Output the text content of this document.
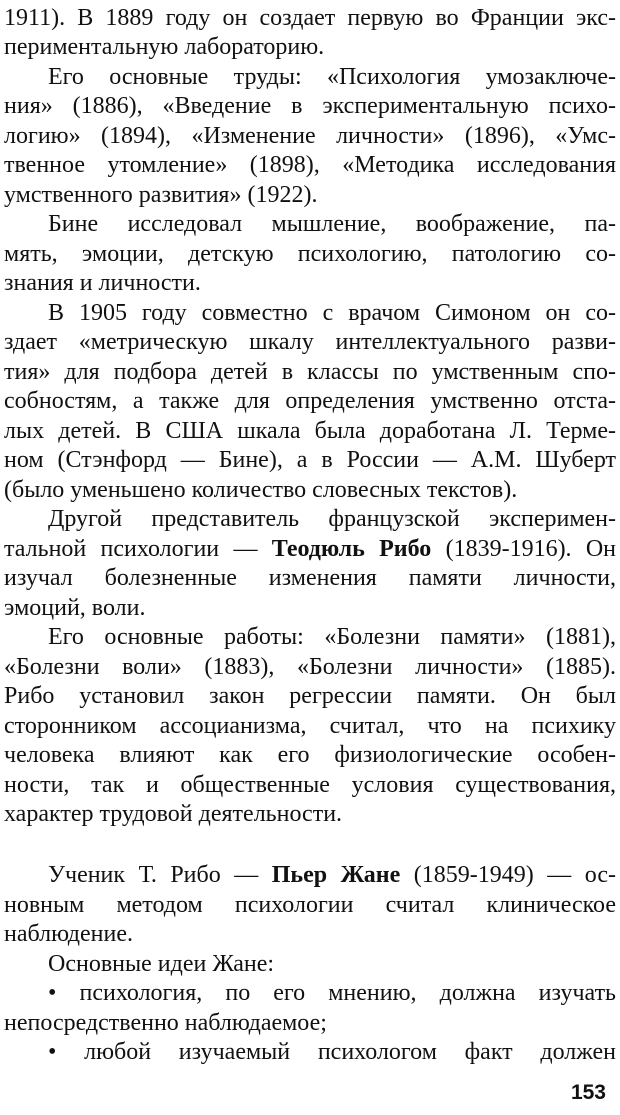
1911). В 1889 году он создает первую во Франции экс-
периментальную лабораторию.
Его основные труды: «Психология умозаключе-
ния» (1886), «Введение в экспериментальную психо-
логию» (1894), «Изменение личности» (1896), «Умс-
твенное утомление» (1898), «Методика исследования
умственного развития» (1922).
Бине исследовал мышление, воображение, па-
мять, эмоции, детскую психологию, патологию со-
знания и личности.
В 1905 году совместно с врачом Симоном он со-
здает «метрическую шкалу интеллектуального разви-
тия» для подбора детей в классы по умственным спо-
собностям, а также для определения умственно отста-
лых детей. В США шкала была доработана Л. Терме-
ном (Стэнфорд — Бине), а в России — А.М. Шуберт
(было уменьшено количество словесных текстов).
Другой представитель французской эксперимен-
тальной психологии — Теодюль Рибо (1839-1916). Он
изучал болезненные изменения памяти личности,
эмоций, воли.
Его основные работы: «Болезни памяти» (1881),
«Болезни воли» (1883), «Болезни личности» (1885).
Рибо установил закон регрессии памяти. Он был
сторонником ассоцианизма, считал, что на психику
человека влияют как его физиологические особен-
ности, так и общественные условия существования,
характер трудовой деятельности.
Ученик Т. Рибо — Пьер Жане (1859-1949) — ос-
новным методом психологии считал клиническое
наблюдение.
Основные идеи Жане:
• психология, по его мнению, должна изучать
непосредственно наблюдаемое;
• любой изучаемый психологом факт должен
153
